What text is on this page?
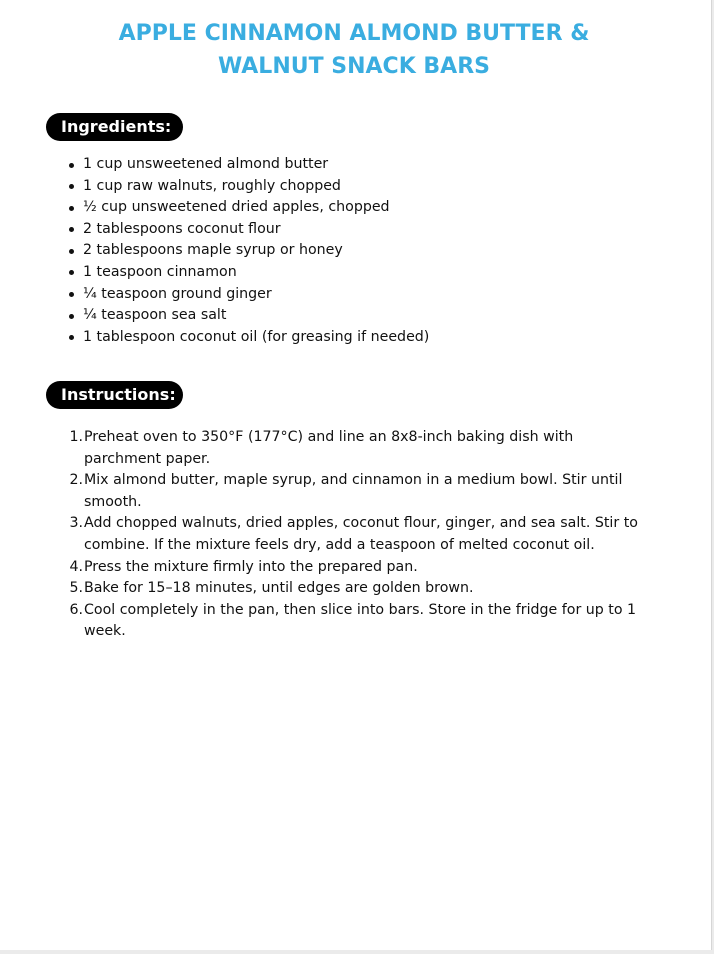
APPLE CINNAMON ALMOND BUTTER &
WALNUT SNACK BARS
Ingredients:
1 cup unsweetened almond butter
1 cup raw walnuts, roughly chopped
½ cup unsweetened dried apples, chopped
2 tablespoons coconut flour
2 tablespoons maple syrup or honey
1 teaspoon cinnamon
¼ teaspoon ground ginger
¼ teaspoon sea salt
1 tablespoon coconut oil (for greasing if needed)
Instructions:
1. Preheat oven to 350°F (177°C) and line an 8x8-inch baking dish with parchment paper.
2. Mix almond butter, maple syrup, and cinnamon in a medium bowl. Stir until smooth.
3. Add chopped walnuts, dried apples, coconut flour, ginger, and sea salt. Stir to combine. If the mixture feels dry, add a teaspoon of melted coconut oil.
4. Press the mixture firmly into the prepared pan.
5. Bake for 15–18 minutes, until edges are golden brown.
6. Cool completely in the pan, then slice into bars. Store in the fridge for up to 1 week.
